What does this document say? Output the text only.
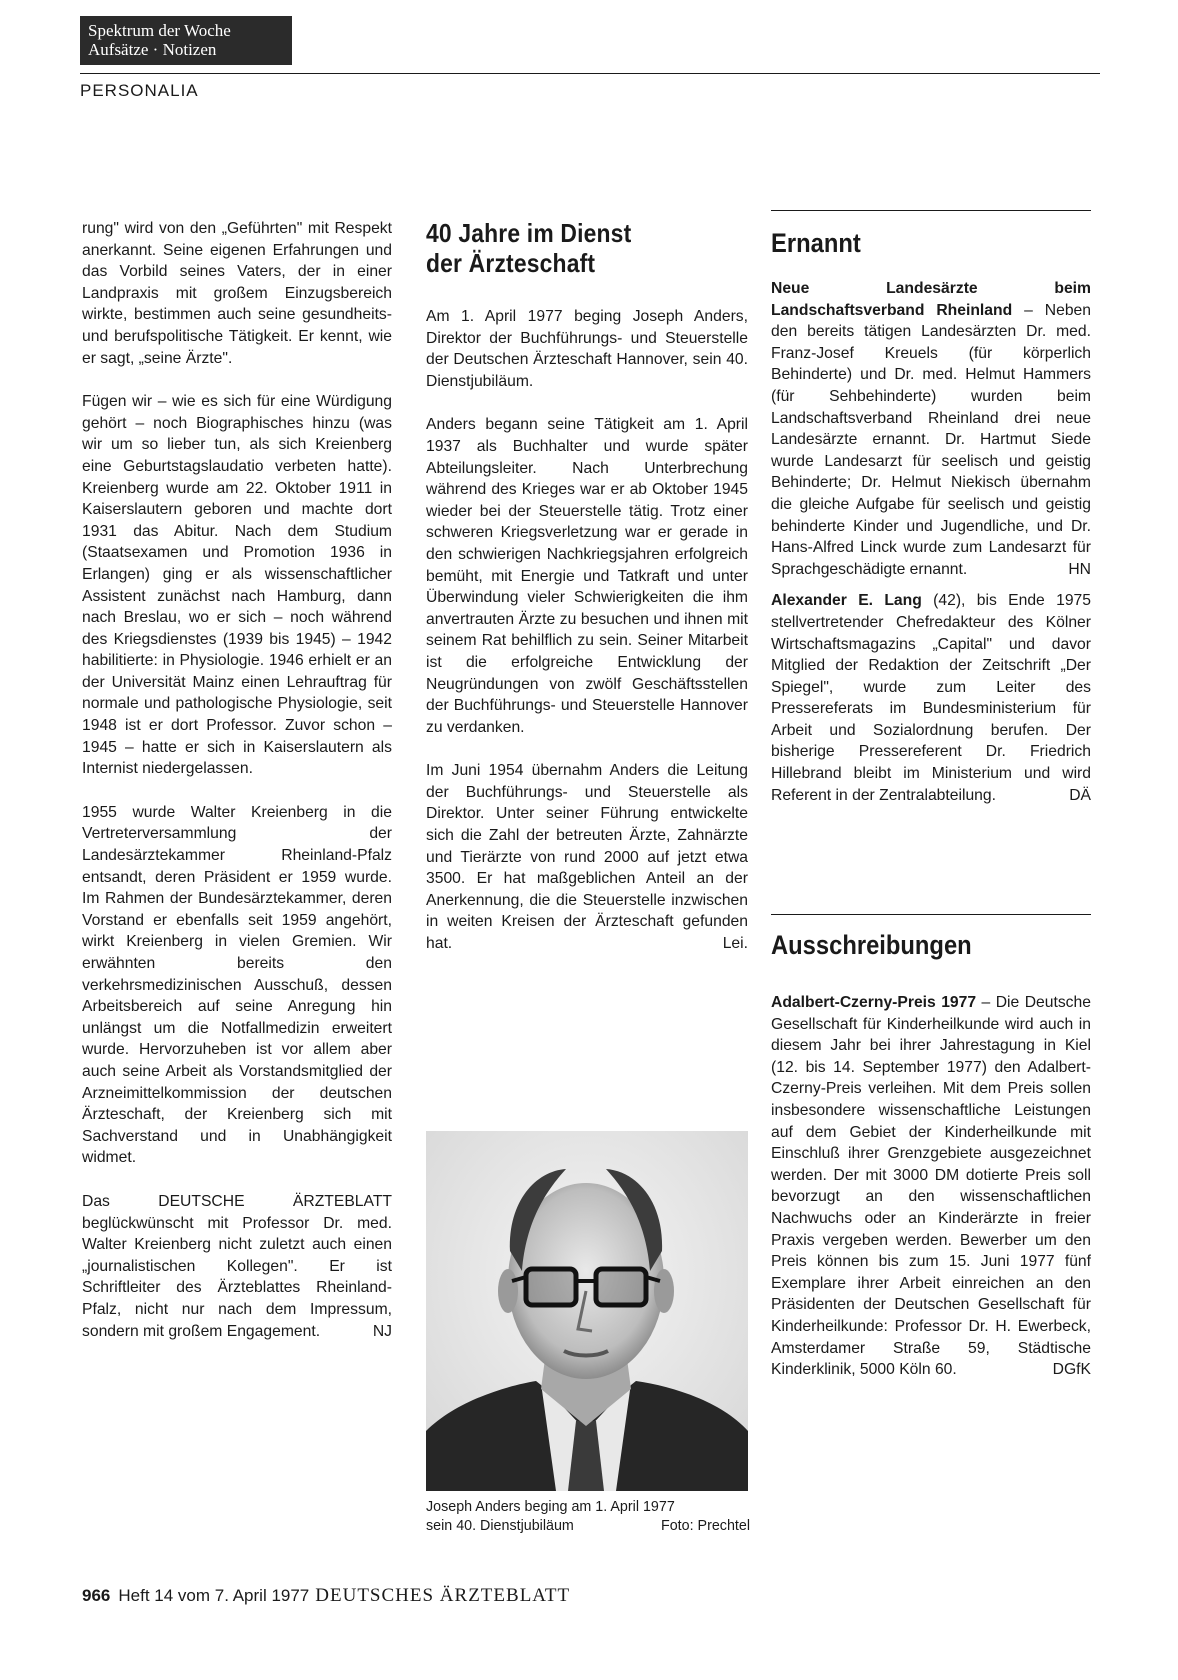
Spektrum der Woche
Aufsätze · Notizen
PERSONALIA

rung" wird von den „Geführten" mit Respekt anerkannt. Seine eigenen Erfahrungen und das Vorbild seines Vaters, der in einer Landpraxis mit großem Einzugsbereich wirkte, bestimmen auch seine gesundheits- und berufspolitische Tätigkeit. Er kennt, wie er sagt, „seine Ärzte".

Fügen wir – wie es sich für eine Würdigung gehört – noch Biographisches hinzu (was wir um so lieber tun, als sich Kreienberg eine Geburtstagslaudatio verbeten hatte). Kreienberg wurde am 22. Oktober 1911 in Kaiserslautern geboren und machte dort 1931 das Abitur. Nach dem Studium (Staatsexamen und Promotion 1936 in Erlangen) ging er als wissenschaftlicher Assistent zunächst nach Hamburg, dann nach Breslau, wo er sich – noch während des Kriegsdienstes (1939 bis 1945) – 1942 habilitierte: in Physiologie. 1946 erhielt er an der Universität Mainz einen Lehrauftrag für normale und pathologische Physiologie, seit 1948 ist er dort Professor. Zuvor schon – 1945 – hatte er sich in Kaiserslautern als Internist niedergelassen.

1955 wurde Walter Kreienberg in die Vertreterversammlung der Landesärztekammer Rheinland-Pfalz entsandt, deren Präsident er 1959 wurde. Im Rahmen der Bundesärztekammer, deren Vorstand er ebenfalls seit 1959 angehört, wirkt Kreienberg in vielen Gremien. Wir erwähnten bereits den verkehrsmedizinischen Ausschuß, dessen Arbeitsbereich auf seine Anregung hin unlängst um die Notfallmedizin erweitert wurde. Hervorzuheben ist vor allem aber auch seine Arbeit als Vorstandsmitglied der Arzneimittelkommission der deutschen Ärzteschaft, der Kreienberg sich mit Sachverstand und in Unabhängigkeit widmet.

Das DEUTSCHE ÄRZTEBLATT beglückwünscht mit Professor Dr. med. Walter Kreienberg nicht zuletzt auch einen „journalistischen Kollegen". Er ist Schriftleiter des Ärzteblattes Rheinland-Pfalz, nicht nur nach dem Impressum, sondern mit großem Engagement.	NJ

40 Jahre im Dienst
der Ärzteschaft

Am 1. April 1977 beging Joseph Anders, Direktor der Buchführungs- und Steuerstelle der Deutschen Ärzteschaft Hannover, sein 40. Dienstjubiläum.

Anders begann seine Tätigkeit am 1. April 1937 als Buchhalter und wurde später Abteilungsleiter. Nach Unterbrechung während des Krieges war er ab Oktober 1945 wieder bei der Steuerstelle tätig. Trotz einer schweren Kriegsverletzung war er gerade in den schwierigen Nachkriegsjahren erfolgreich bemüht, mit Energie und Tatkraft und unter Überwindung vieler Schwierigkeiten die ihm anvertrauten Ärzte zu besuchen und ihnen mit seinem Rat behilflich zu sein. Seiner Mitarbeit ist die erfolgreiche Entwicklung der Neugründungen von zwölf Geschäftsstellen der Buchführungs- und Steuerstelle Hannover zu verdanken.

Im Juni 1954 übernahm Anders die Leitung der Buchführungs- und Steuerstelle als Direktor. Unter seiner Führung entwickelte sich die Zahl der betreuten Ärzte, Zahnärzte und Tierärzte von rund 2000 auf jetzt etwa 3500. Er hat maßgeblichen Anteil an der Anerkennung, die die Steuerstelle inzwischen in weiten Kreisen der Ärzteschaft gefunden hat.	Lei.

Joseph Anders beging am 1. April 1977
sein 40. Dienstjubiläum	Foto: Prechtel
Ernannt

Neue Landesärzte beim Landschaftsverband Rheinland – Neben den bereits tätigen Landesärzten Dr. med. Franz-Josef Kreuels (für körperlich Behinderte) und Dr. med. Helmut Hammers (für Sehbehinderte) wurden beim Landschaftsverband Rheinland drei neue Landesärzte ernannt. Dr. Hartmut Siede wurde Landesarzt für seelisch und geistig Behinderte; Dr. Helmut Niekisch übernahm die gleiche Aufgabe für seelisch und geistig behinderte Kinder und Jugendliche, und Dr. Hans-Alfred Linck wurde zum Landesarzt für Sprachgeschädigte ernannt.	HN

Alexander E. Lang (42), bis Ende 1975 stellvertretender Chefredakteur des Kölner Wirtschaftsmagazins „Capital" und davor Mitglied der Redaktion der Zeitschrift „Der Spiegel", wurde zum Leiter des Pressereferats im Bundesministerium für Arbeit und Sozialordnung berufen. Der bisherige Pressereferent Dr. Friedrich Hillebrand bleibt im Ministerium und wird Referent in der Zentralabteilung.	DÄ

Ausschreibungen

Adalbert-Czerny-Preis 1977 – Die Deutsche Gesellschaft für Kinderheilkunde wird auch in diesem Jahr bei ihrer Jahrestagung in Kiel (12. bis 14. September 1977) den Adalbert-Czerny-Preis verleihen. Mit dem Preis sollen insbesondere wissenschaftliche Leistungen auf dem Gebiet der Kinderheilkunde mit Einschluß ihrer Grenzgebiete ausgezeichnet werden. Der mit 3000 DM dotierte Preis soll bevorzugt an den wissenschaftlichen Nachwuchs oder an Kinderärzte in freier Praxis vergeben werden. Bewerber um den Preis können bis zum 15. Juni 1977 fünf Exemplare ihrer Arbeit einreichen an den Präsidenten der Deutschen Gesellschaft für Kinderheilkunde: Professor Dr. H. Ewerbeck, Amsterdamer Straße 59, Städtische Kinderklinik, 5000 Köln 60.	DGfK

966 Heft 14 vom 7. April 1977 DEUTSCHES ÄRZTEBLATT
